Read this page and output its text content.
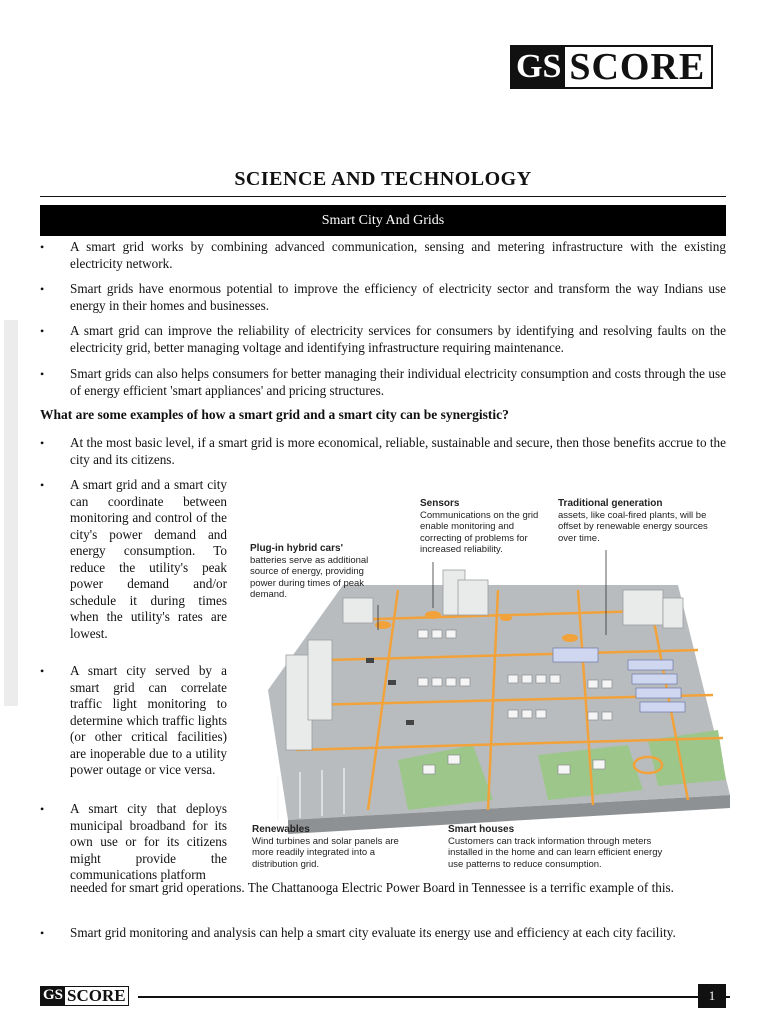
GS SCORE
SCIENCE AND TECHNOLOGY
Smart City And Grids
• A smart grid works by combining advanced communication, sensing and metering infrastructure with the existing electricity network.
• Smart grids have enormous potential to improve the efficiency of electricity sector and transform the way Indians use energy in their homes and businesses.
• A smart grid can improve the reliability of electricity services for consumers by identifying and resolving faults on the electricity grid, better managing voltage and identifying infrastructure requiring maintenance.
• Smart grids can also helps consumers for better managing their individual electricity consumption and costs through the use of energy efficient 'smart appliances' and pricing structures.
What are some examples of how a smart grid and a smart city can be synergistic?
• At the most basic level, if a smart grid is more economical, reliable, sustainable and secure, then those benefits accrue to the city and its citizens.
• A smart grid and a smart city can coordinate between monitoring and control of the city's power demand and energy consumption. To reduce the utility's peak power demand and/or schedule it during times when the utility's rates are lowest.
• A smart city served by a smart grid can correlate traffic light monitoring to determine which traffic lights (or other critical facilities) are inoperable due to a utility power outage or vice versa.
• A smart city that deploys municipal broadband for its own use or for its citizens might provide the communications platform
needed for smart grid operations. The Chattanooga Electric Power Board in Tennessee is a terrific example of this.
• Smart grid monitoring and analysis can help a smart city evaluate its energy use and efficiency at each city facility.
Sensors
Communications on the grid enable monitoring and correcting of problems for increased reliability.
Traditional generation
assets, like coal-fired plants, will be offset by renewable energy sources over time.
Plug-in hybrid cars'
batteries serve as additional source of energy, providing power during times of peak demand.
Renewables
Wind turbines and solar panels are more readily integrated into a distribution grid.
Smart houses
Customers can track information through meters installed in the home and can learn efficient energy use patterns to reduce consumption.
GS SCORE	1
